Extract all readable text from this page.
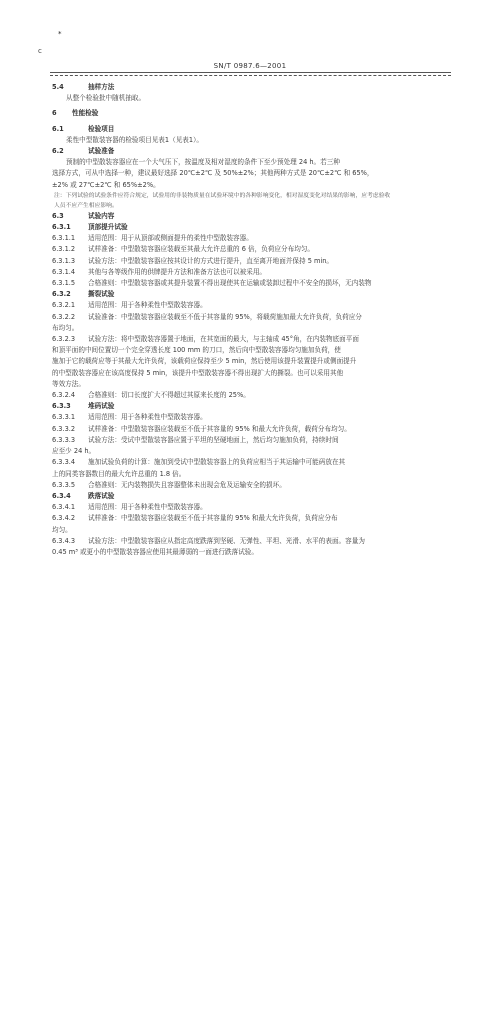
*
c
SN/T 0987.6—2001
5.4	抽样方法
从整个检验批中随机抽取。
6 性能检验
6.1	检验项目
柔性中型散装容器的检验项目见表1（见表1）。
6.2	试验准备
预制的中型散装容器应在一个大气压下，按温度及相对湿度的条件下至少预处理 24 h。若三种
选择方式，可从中选择一种，建议最好选择 20℃±2℃ 及 50%±2%；其他两种方式是 20℃±2℃ 和 65%，
±2% 或 27℃±2℃ 和 65%±2%。
注：下列试验的试验条件应符合规定，试验用的非装物质量在试验环境中的各种影响变化，相对湿度变化对结果的影响，应考虑验收
人员不应产生相应影响。
6.3	试验内容
6.3.1	顶部提升试验
6.3.1.1 适用范围：用于从顶部或侧面提升的柔性中型散装容器。
6.3.1.2 试样准备：中型散装容器应装载至其最大允许总重的 6 倍，负荷应分布均匀。
6.3.1.3 试验方法：中型散装容器应按其设计的方式进行提升，直至离开地面并保持 5 min。
6.3.1.4 其他与各等级作用的供牌提升方法和准备方法也可以被采用。
6.3.1.5 合格准则：中型散装容器或其提升装置不得出现使其在运输或装卸过程中不安全的损坏，无内装物
6.3.2	撕裂试验
6.3.2.1 适用范围：用于各种柔性中型散装容器。
6.3.2.2 试验准备：中型散装容器应装载至不低于其容量的 95%，将载荷施加最大允许负荷，负荷应分
布均匀。
6.3.2.3 试验方法：将中型散装容器置于地面，在其宽面的最大，与主轴成 45°角，在内装物底面平面
和顶平面的中间位置切一个完全穿透长度 100 mm 的刀口，然后向中型散装容器均匀施加负荷，使
施加于它的载荷应等于其最大允许负荷，该载荷应保持至少 5 min，然后使用该提升装置提升或侧面提升
的中型散装容器应在该高度保持 5 min，该提升中型散装容器不得出现扩大的撕裂。也可以采用其他
等效方法。
6.3.2.4 合格准则：切口长度扩大不得超过其原来长度的 25%。
6.3.3	堆码试验
6.3.3.1 适用范围：用于各种柔性中型散装容器。
6.3.3.2 试样准备：中型散装容器应装载至不低于其容量的 95% 和最大允许负荷，载荷分布均匀。
6.3.3.3 试验方法：受试中型散装容器应置于平坦的坚硬地面上，然后均匀施加负荷，持续时间
应至少 24 h。
6.3.3.4 施加试验负荷的计算：施加到受试中型散装容器上的负荷应相当于其运输中可能码放在其
上的同类容器数目的最大允许总重的 1.8 倍。
6.3.3.5 合格准则：无内装物损失且容器整体未出现会危及运输安全的损坏。
6.3.4	跌落试验
6.3.4.1 适用范围：用于各种柔性中型散装容器。
6.3.4.2 试样准备：中型散装容器应装载至不低于其容量的 95% 和最大允许负荷，负荷应分布
均匀。
6.3.4.3 试验方法：中型散装容器应从指定高度跌落到坚硬、无弹性、平坦、光滑、水平的表面。容量为
0.45 m³ 或更小的中型散装容器应使用其最薄弱的一面进行跌落试验。
